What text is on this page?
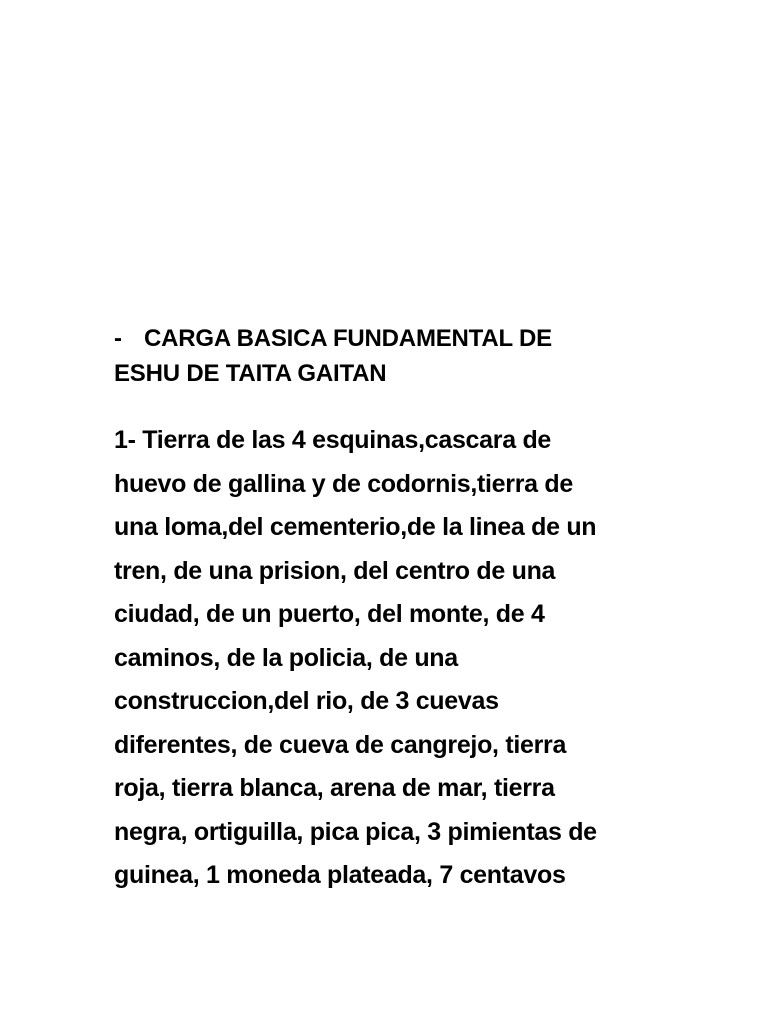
- CARGA BASICA FUNDAMENTAL DE
ESHU DE TAITA GAITAN
1- Tierra de las 4 esquinas,cascara de
huevo de gallina y de codornis,tierra de
una loma,del cementerio,de la linea de un
tren, de una prision, del centro de una
ciudad, de un puerto, del monte, de 4
caminos, de la policia, de una
construccion,del rio, de 3 cuevas
diferentes, de cueva de cangrejo, tierra
roja, tierra blanca, arena de mar, tierra
negra, ortiguilla, pica pica, 3 pimientas de
guinea, 1 moneda plateada, 7 centavos
